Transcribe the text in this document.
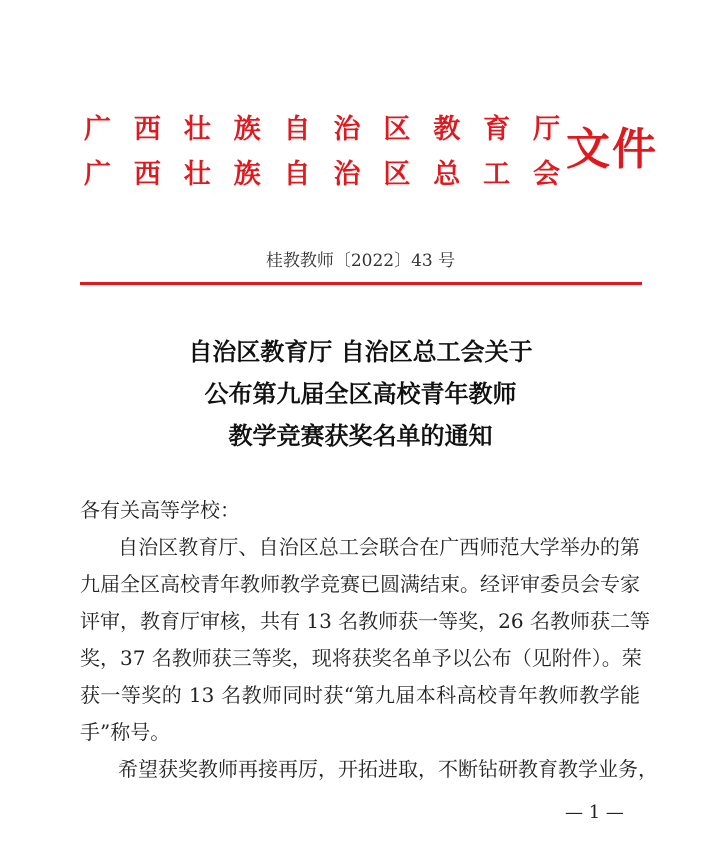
广西壮族自治区教育厅
广西壮族自治区总工会 文件
桂教教师〔2022〕43 号
自治区教育厅 自治区总工会关于
公布第九届全区高校青年教师
教学竞赛获奖名单的通知
各有关高等学校：
自治区教育厅、自治区总工会联合在广西师范大学举办的第
九届全区高校青年教师教学竞赛已圆满结束。经评审委员会专家
评审，教育厅审核，共有 13 名教师获一等奖，26 名教师获二等
奖，37 名教师获三等奖，现将获奖名单予以公布（见附件）。荣
获一等奖的 13 名教师同时获“第九届本科高校青年教师教学能
手”称号。
希望获奖教师再接再厉，开拓进取，不断钻研教育教学业务，
— 1 —
